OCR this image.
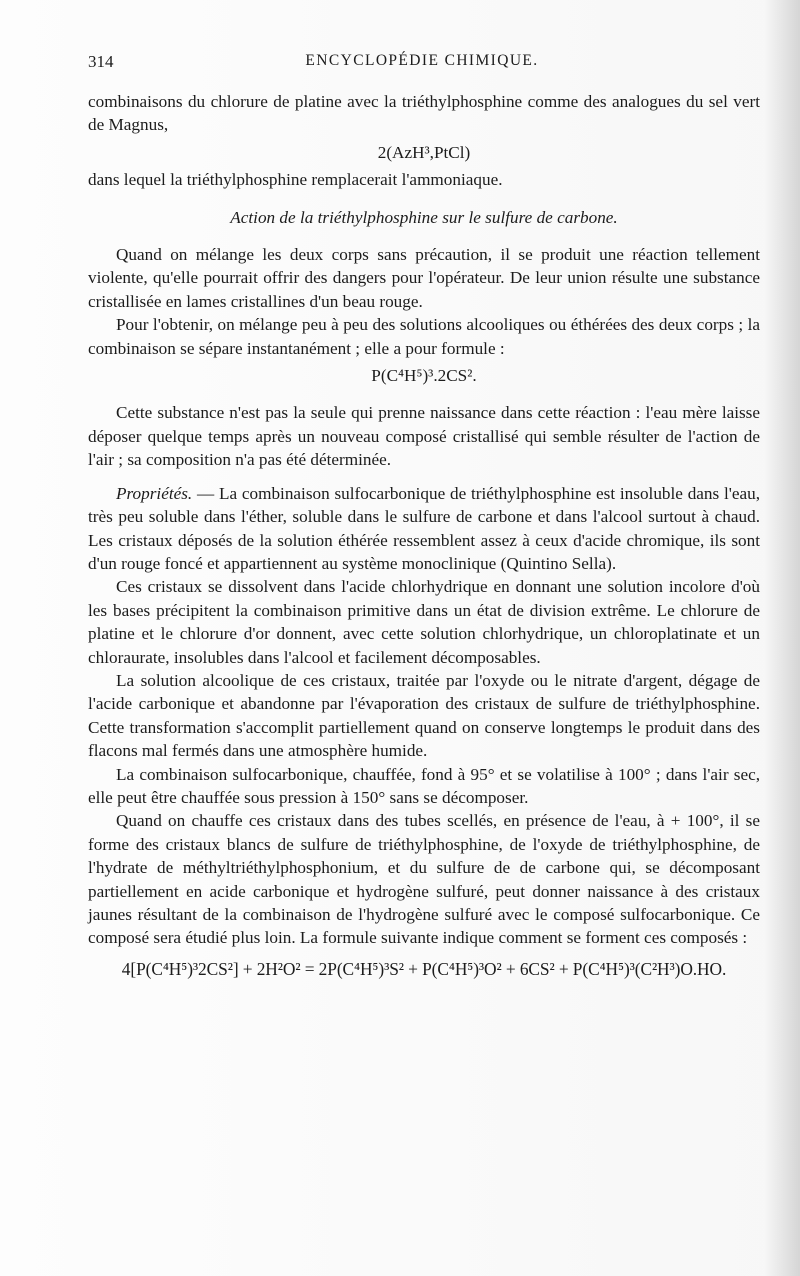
314	ENCYCLOPÉDIE CHIMIQUE.

combinaisons du chlorure de platine avec la triéthylphosphine comme des analogues du sel vert de Magnus,

2(AzH³,PtCl)

dans lequel la triéthylphosphine remplacerait l'ammoniaque.

Action de la triéthylphosphine sur le sulfure de carbone.

Quand on mélange les deux corps sans précaution, il se produit une réaction tellement violente, qu'elle pourrait offrir des dangers pour l'opérateur. De leur union résulte une substance cristallisée en lames cristallines d'un beau rouge.

Pour l'obtenir, on mélange peu à peu des solutions alcooliques ou éthérées des deux corps ; la combinaison se sépare instantanément ; elle a pour formule :

P(C⁴H⁵)³.2CS².

Cette substance n'est pas la seule qui prenne naissance dans cette réaction : l'eau mère laisse déposer quelque temps après un nouveau composé cristallisé qui semble résulter de l'action de l'air ; sa composition n'a pas été déterminée.

Propriétés. — La combinaison sulfocarbonique de triéthylphosphine est insoluble dans l'eau, très peu soluble dans l'éther, soluble dans le sulfure de carbone et dans l'alcool surtout à chaud. Les cristaux déposés de la solution éthérée ressemblent assez à ceux d'acide chromique, ils sont d'un rouge foncé et appartiennent au système monoclinique (Quintino Sella).

Ces cristaux se dissolvent dans l'acide chlorhydrique en donnant une solution incolore d'où les bases précipitent la combinaison primitive dans un état de division extrême. Le chlorure de platine et le chlorure d'or donnent, avec cette solution chlorhydrique, un chloroplatinate et un chloraurate, insolubles dans l'alcool et facilement décomposables.

La solution alcoolique de ces cristaux, traitée par l'oxyde ou le nitrate d'argent, dégage de l'acide carbonique et abandonne par l'évaporation des cristaux de sulfure de triéthylphosphine. Cette transformation s'accomplit partiellement quand on conserve longtemps le produit dans des flacons mal fermés dans une atmosphère humide.

La combinaison sulfocarbonique, chauffée, fond à 95° et se volatilise à 100° ; dans l'air sec, elle peut être chauffée sous pression à 150° sans se décomposer.

Quand on chauffe ces cristaux dans des tubes scellés, en présence de l'eau, à + 100°, il se forme des cristaux blancs de sulfure de triéthylphosphine, de l'oxyde de triéthylphosphine, de l'hydrate de méthyltriéthylphosphonium, et du sulfure de de carbone qui, se décomposant partiellement en acide carbonique et hydrogène sulfuré, peut donner naissance à des cristaux jaunes résultant de la combinaison de l'hydrogène sulfuré avec le composé sulfocarbonique. Ce composé sera étudié plus loin. La formule suivante indique comment se forment ces composés :

4[P(C⁴H⁵)³2CS²] + 2H²O² = 2P(C⁴H⁵)³S² + P(C⁴H⁵)³O² + 6CS² + P(C⁴H⁵)³(C²H³)O.HO.
